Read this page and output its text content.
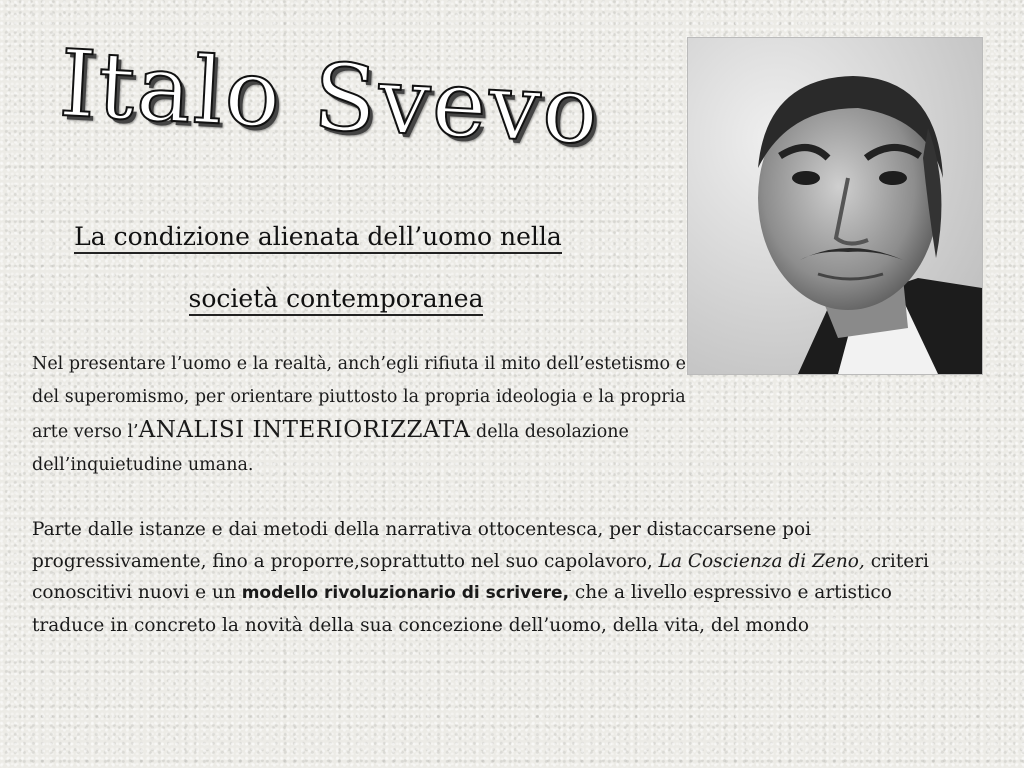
Italo Svevo
La condizione alienata dell’uomo nella
società contemporanea
Nel presentare l’uomo e la realtà, anch’egli rifiuta il mito dell’estetismo e del superomismo, per orientare piuttosto la propria ideologia e la propria arte verso l’ANALISI INTERIORIZZATA della desolazione dell’inquietudine umana.
Parte dalle istanze e dai metodi della narrativa ottocentesca, per distaccarsene poi progressivamente, fino a proporre,soprattutto nel suo capolavoro, La Coscienza di Zeno, criteri conoscitivi nuovi e un modello rivoluzionario di scrivere, che a livello espressivo e artistico traduce in concreto la novità della sua concezione dell’uomo, della vita, del mondo
